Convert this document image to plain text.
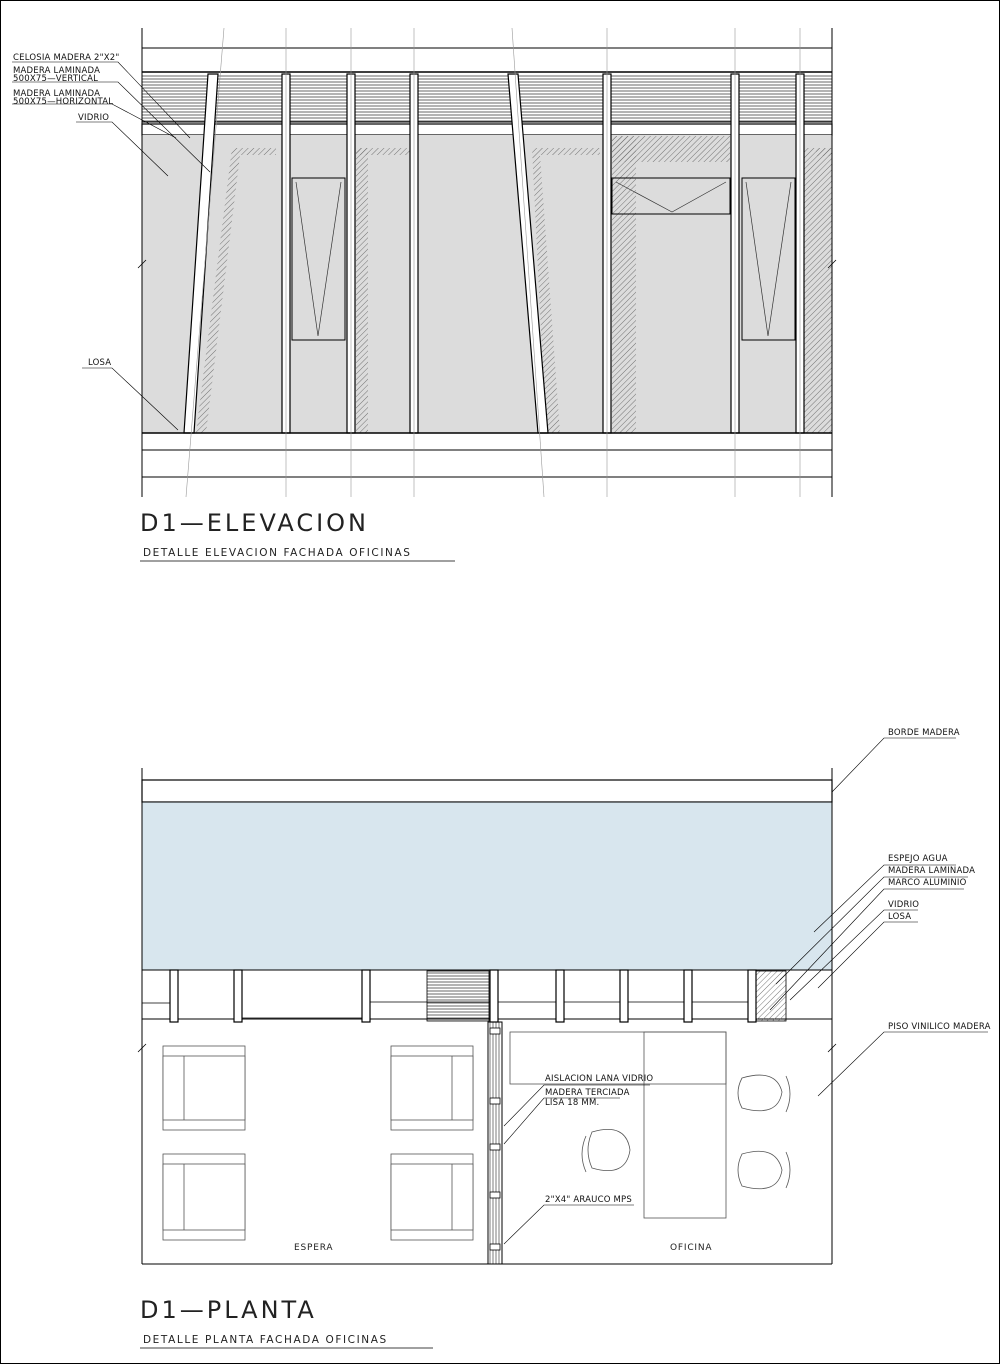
CELOSIA MADERA 2"X2"
MADERA LAMINADA
500X75—VERTICAL
MADERA LAMINADA
500X75—HORIZONTAL
VIDRIO
LOSA
D1—ELEVACION
DETALLE ELEVACION FACHADA OFICINAS
BORDE MADERA
ESPEJO AGUA
MADERA LAMINADA
MARCO ALUMINIO
VIDRIO
LOSA
PISO VINILICO MADERA
AISLACION LANA VIDRIO
MADERA TERCIADA
LISA 18 MM.
2"X4" ARAUCO MPS
ESPERA	OFICINA
D1—PLANTA
DETALLE PLANTA FACHADA OFICINAS
